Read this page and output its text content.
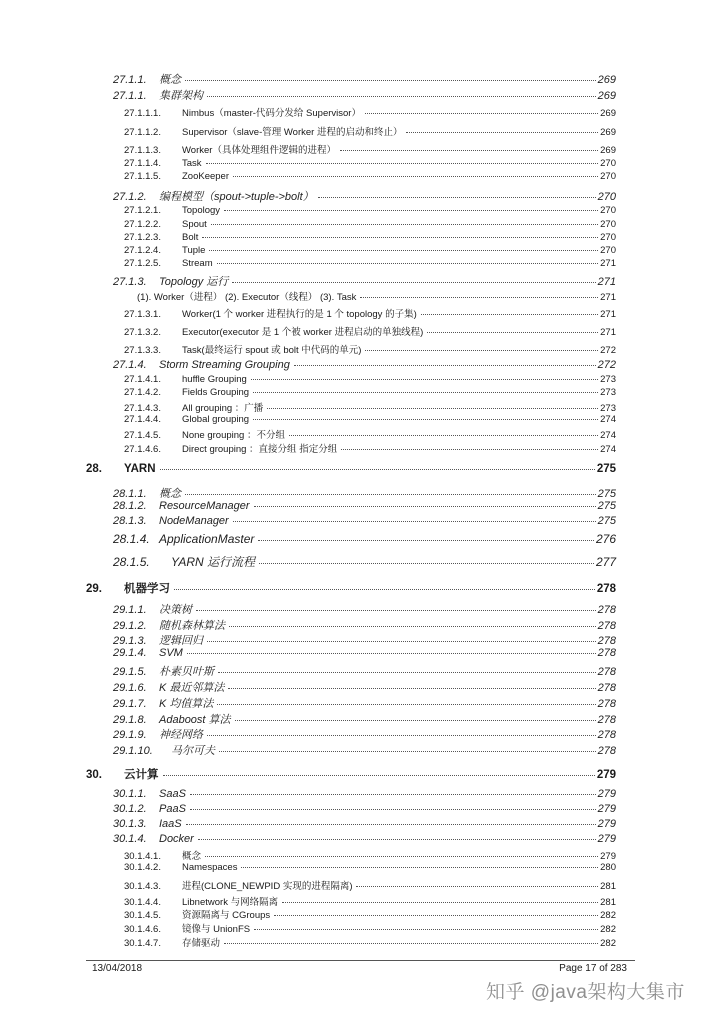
27.1.1.	概念	269
27.1.1.	集群架构	269
27.1.1.1.	Nimbus（master-代码分发给 Supervisor）	269
27.1.1.2.	Supervisor（slave-管理 Worker 进程的启动和终止）	269
27.1.1.3.	Worker（具体处理组件逻辑的进程）	269
27.1.1.4.	Task	270
27.1.1.5.	ZooKeeper	270
27.1.2.	编程模型（spout->tuple->bolt）	270
27.1.2.1.	Topology	270
27.1.2.2.	Spout	270
27.1.2.3.	Bolt	270
27.1.2.4.	Tuple	270
27.1.2.5.	Stream	271
27.1.3.	Topology 运行	271
(1). Worker（进程） (2). Executor（线程） (3). Task	271
27.1.3.1.	Worker(1 个 worker 进程执行的是 1 个 topology 的子集)	271
27.1.3.2.	Executor(executor 是 1 个被 worker 进程启动的单独线程)	271
27.1.3.3.	Task(最终运行 spout 或 bolt 中代码的单元)	272
27.1.4.	Storm Streaming Grouping	272
27.1.4.1.	huffle Grouping	273
27.1.4.2.	Fields Grouping	273
27.1.4.3.	All grouping ：广播	273
27.1.4.4.	Global grouping	274
27.1.4.5.	None grouping ：不分组	274
27.1.4.6.	Direct grouping ：直接分组 指定分组	274
28.	YARN	275
28.1.1.	概念	275
28.1.2.	ResourceManager	275
28.1.3.	NodeManager	275
28.1.4. ApplicationMaster	276
28.1.5.	YARN 运行流程	277
29.	机器学习	278
29.1.1.	决策树	278
29.1.2.	随机森林算法	278
29.1.3.	逻辑回归	278
29.1.4.	SVM	278
29.1.5.	朴素贝叶斯	278
29.1.6.	K 最近邻算法	278
29.1.7.	K 均值算法	278
29.1.8.	Adaboost 算法	278
29.1.9.	神经网络	278
29.1.10.	马尔可夫	278
30.	云计算	279
30.1.1.	SaaS	279
30.1.2.	PaaS	279
30.1.3.	IaaS	279
30.1.4.	Docker	279
30.1.4.1.	概念	279
30.1.4.2.	Namespaces	280
30.1.4.3.	进程(CLONE_NEWPID 实现的进程隔离)	281
30.1.4.4.	Libnetwork 与网络隔离	281
30.1.4.5.	资源隔离与 CGroups	282
30.1.4.6.	镜像与 UnionFS	282
30.1.4.7.	存储驱动	282
13/04/2018	Page 17 of 283
知乎 @java架构大集市
